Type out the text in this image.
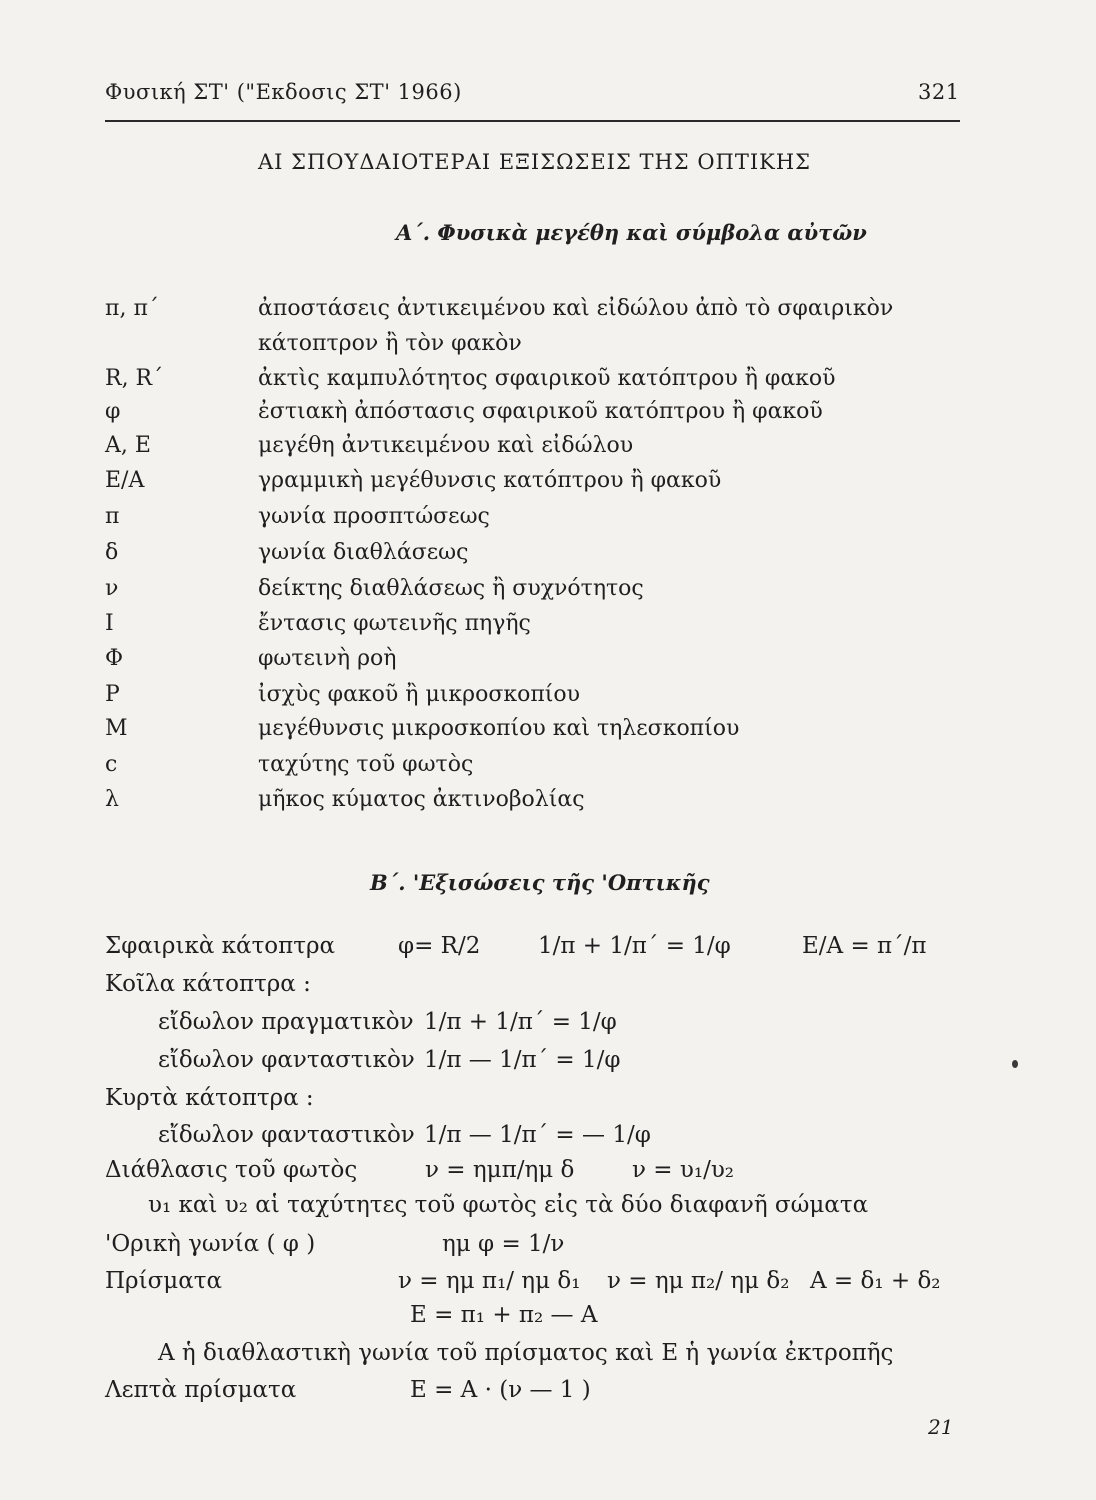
Φυσική ΣΤ' ("Εκδοσις ΣΤ' 1966)	321
ΑΙ ΣΠΟΥΔΑΙΟΤΕΡΑΙ ΕΞΙΣΩΣΕΙΣ ΤΗΣ ΟΠΤΙΚΗΣ
Α΄. Φυσικὰ μεγέθη καὶ σύμβολα αὐτῶν
π, π΄	ἀποστάσεις ἀντικειμένου καὶ εἰδώλου ἀπὸ τὸ σφαιρικὸν
κάτοπτρον ἢ τὸν φακὸν
R, R΄	ἀκτὶς καμπυλότητος σφαιρικοῦ κατόπτρου ἢ φακοῦ
φ	ἐστιακὴ ἀπόστασις σφαιρικοῦ κατόπτρου ἢ φακοῦ
Α, Ε	μεγέθη ἀντικειμένου καὶ εἰδώλου
Ε/Α	γραμμικὴ μεγέθυνσις κατόπτρου ἢ φακοῦ
π	γωνία προσπτώσεως
δ	γωνία διαθλάσεως
ν	δείκτης διαθλάσεως ἢ συχνότητος
Ι	ἔντασις φωτεινῆς πηγῆς
Φ	φωτεινὴ ροὴ
Ρ	ἰσχὺς φακοῦ ἢ μικροσκοπίου
Μ	μεγέθυνσις μικροσκοπίου καὶ τηλεσκοπίου
c	ταχύτης τοῦ φωτὸς
λ	μῆκος κύματος ἀκτινοβολίας
Β΄. 'Εξισώσεις τῆς 'Οπτικῆς
Σφαιρικὰ κάτοπτρα	φ= R/2	1/π + 1/π΄ = 1/φ	Ε/Α = π΄/π
Κοῖλα κάτοπτρα :
εἴδωλον πραγματικὸν 1/π + 1/π΄ = 1/φ
εἴδωλον φανταστικὸν 1/π — 1/π΄ = 1/φ
Κυρτὰ κάτοπτρα :
εἴδωλον φανταστικὸν 1/π — 1/π΄ = — 1/φ
Διάθλασις τοῦ φωτὸς	ν = ημπ/ημ δ	ν = υ₁/υ₂
υ₁ καὶ υ₂ αἱ ταχύτητες τοῦ φωτὸς εἰς τὰ δύο διαφανῆ σώματα
'Ορικὴ γωνία ( φ )	ημ φ = 1/ν
Πρίσματα	ν = ημ π₁/ ημ δ₁ ν = ημ π₂/ ημ δ₂ Α = δ₁ + δ₂
Ε = π₁ + π₂ — Α
Α ἡ διαθλαστικὴ γωνία τοῦ πρίσματος καὶ Ε ἡ γωνία ἐκτροπῆς
Λεπτὰ πρίσματα	Ε = Α · (ν — 1 )
21
